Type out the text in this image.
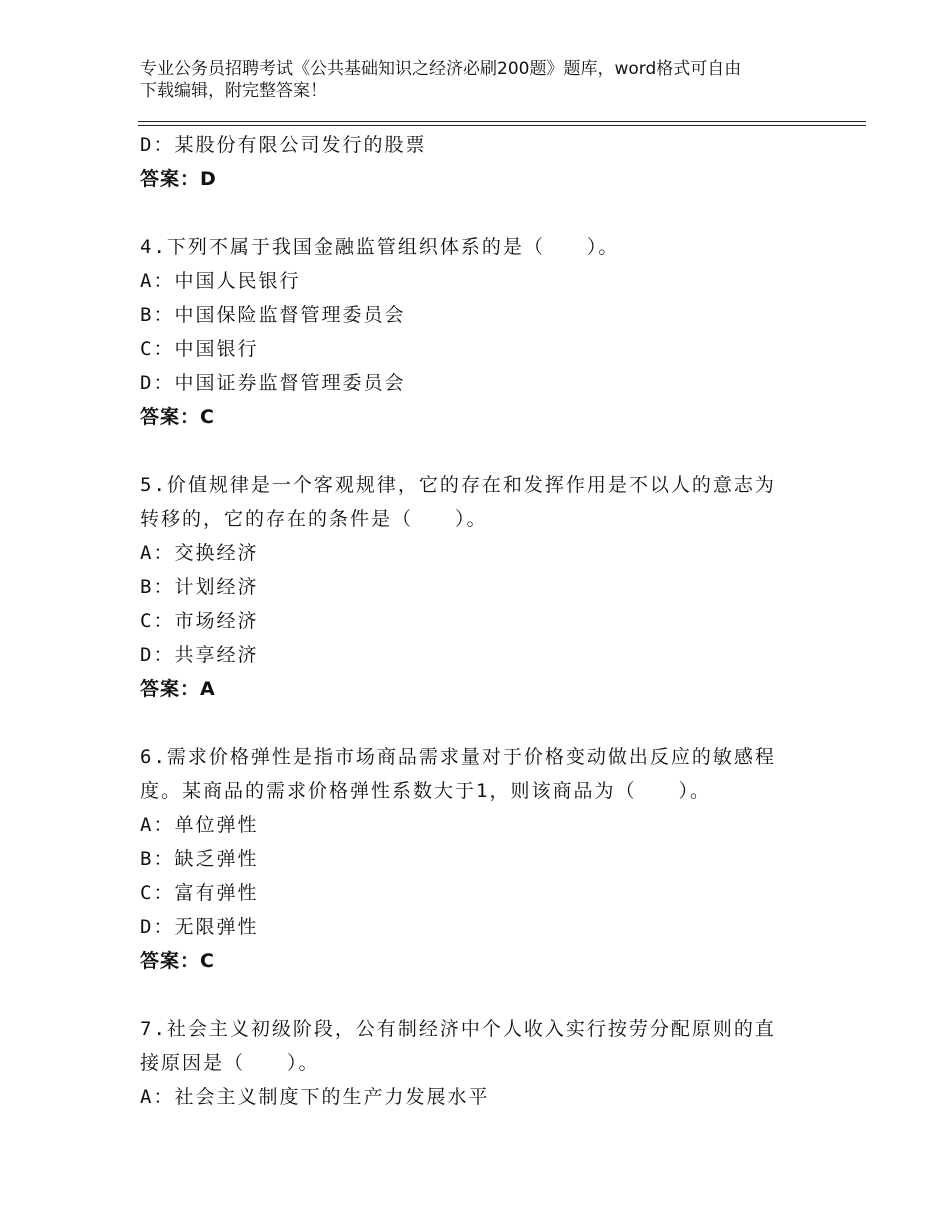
专业公务员招聘考试《公共基础知识之经济必刷200题》题库，word格式可自由
下载编辑，附完整答案！
D：某股份有限公司发行的股票
答案：D
4.下列不属于我国金融监管组织体系的是（　　）。
A：中国人民银行
B：中国保险监督管理委员会
C：中国银行
D：中国证券监督管理委员会
答案：C
5.价值规律是一个客观规律，它的存在和发挥作用是不以人的意志为
转移的，它的存在的条件是（　　）。
A：交换经济
B：计划经济
C：市场经济
D：共享经济
答案：A
6.需求价格弹性是指市场商品需求量对于价格变动做出反应的敏感程
度。某商品的需求价格弹性系数大于1，则该商品为（　　）。
A：单位弹性
B：缺乏弹性
C：富有弹性
D：无限弹性
答案：C
7.社会主义初级阶段，公有制经济中个人收入实行按劳分配原则的直
接原因是（　　）。
A：社会主义制度下的生产力发展水平
